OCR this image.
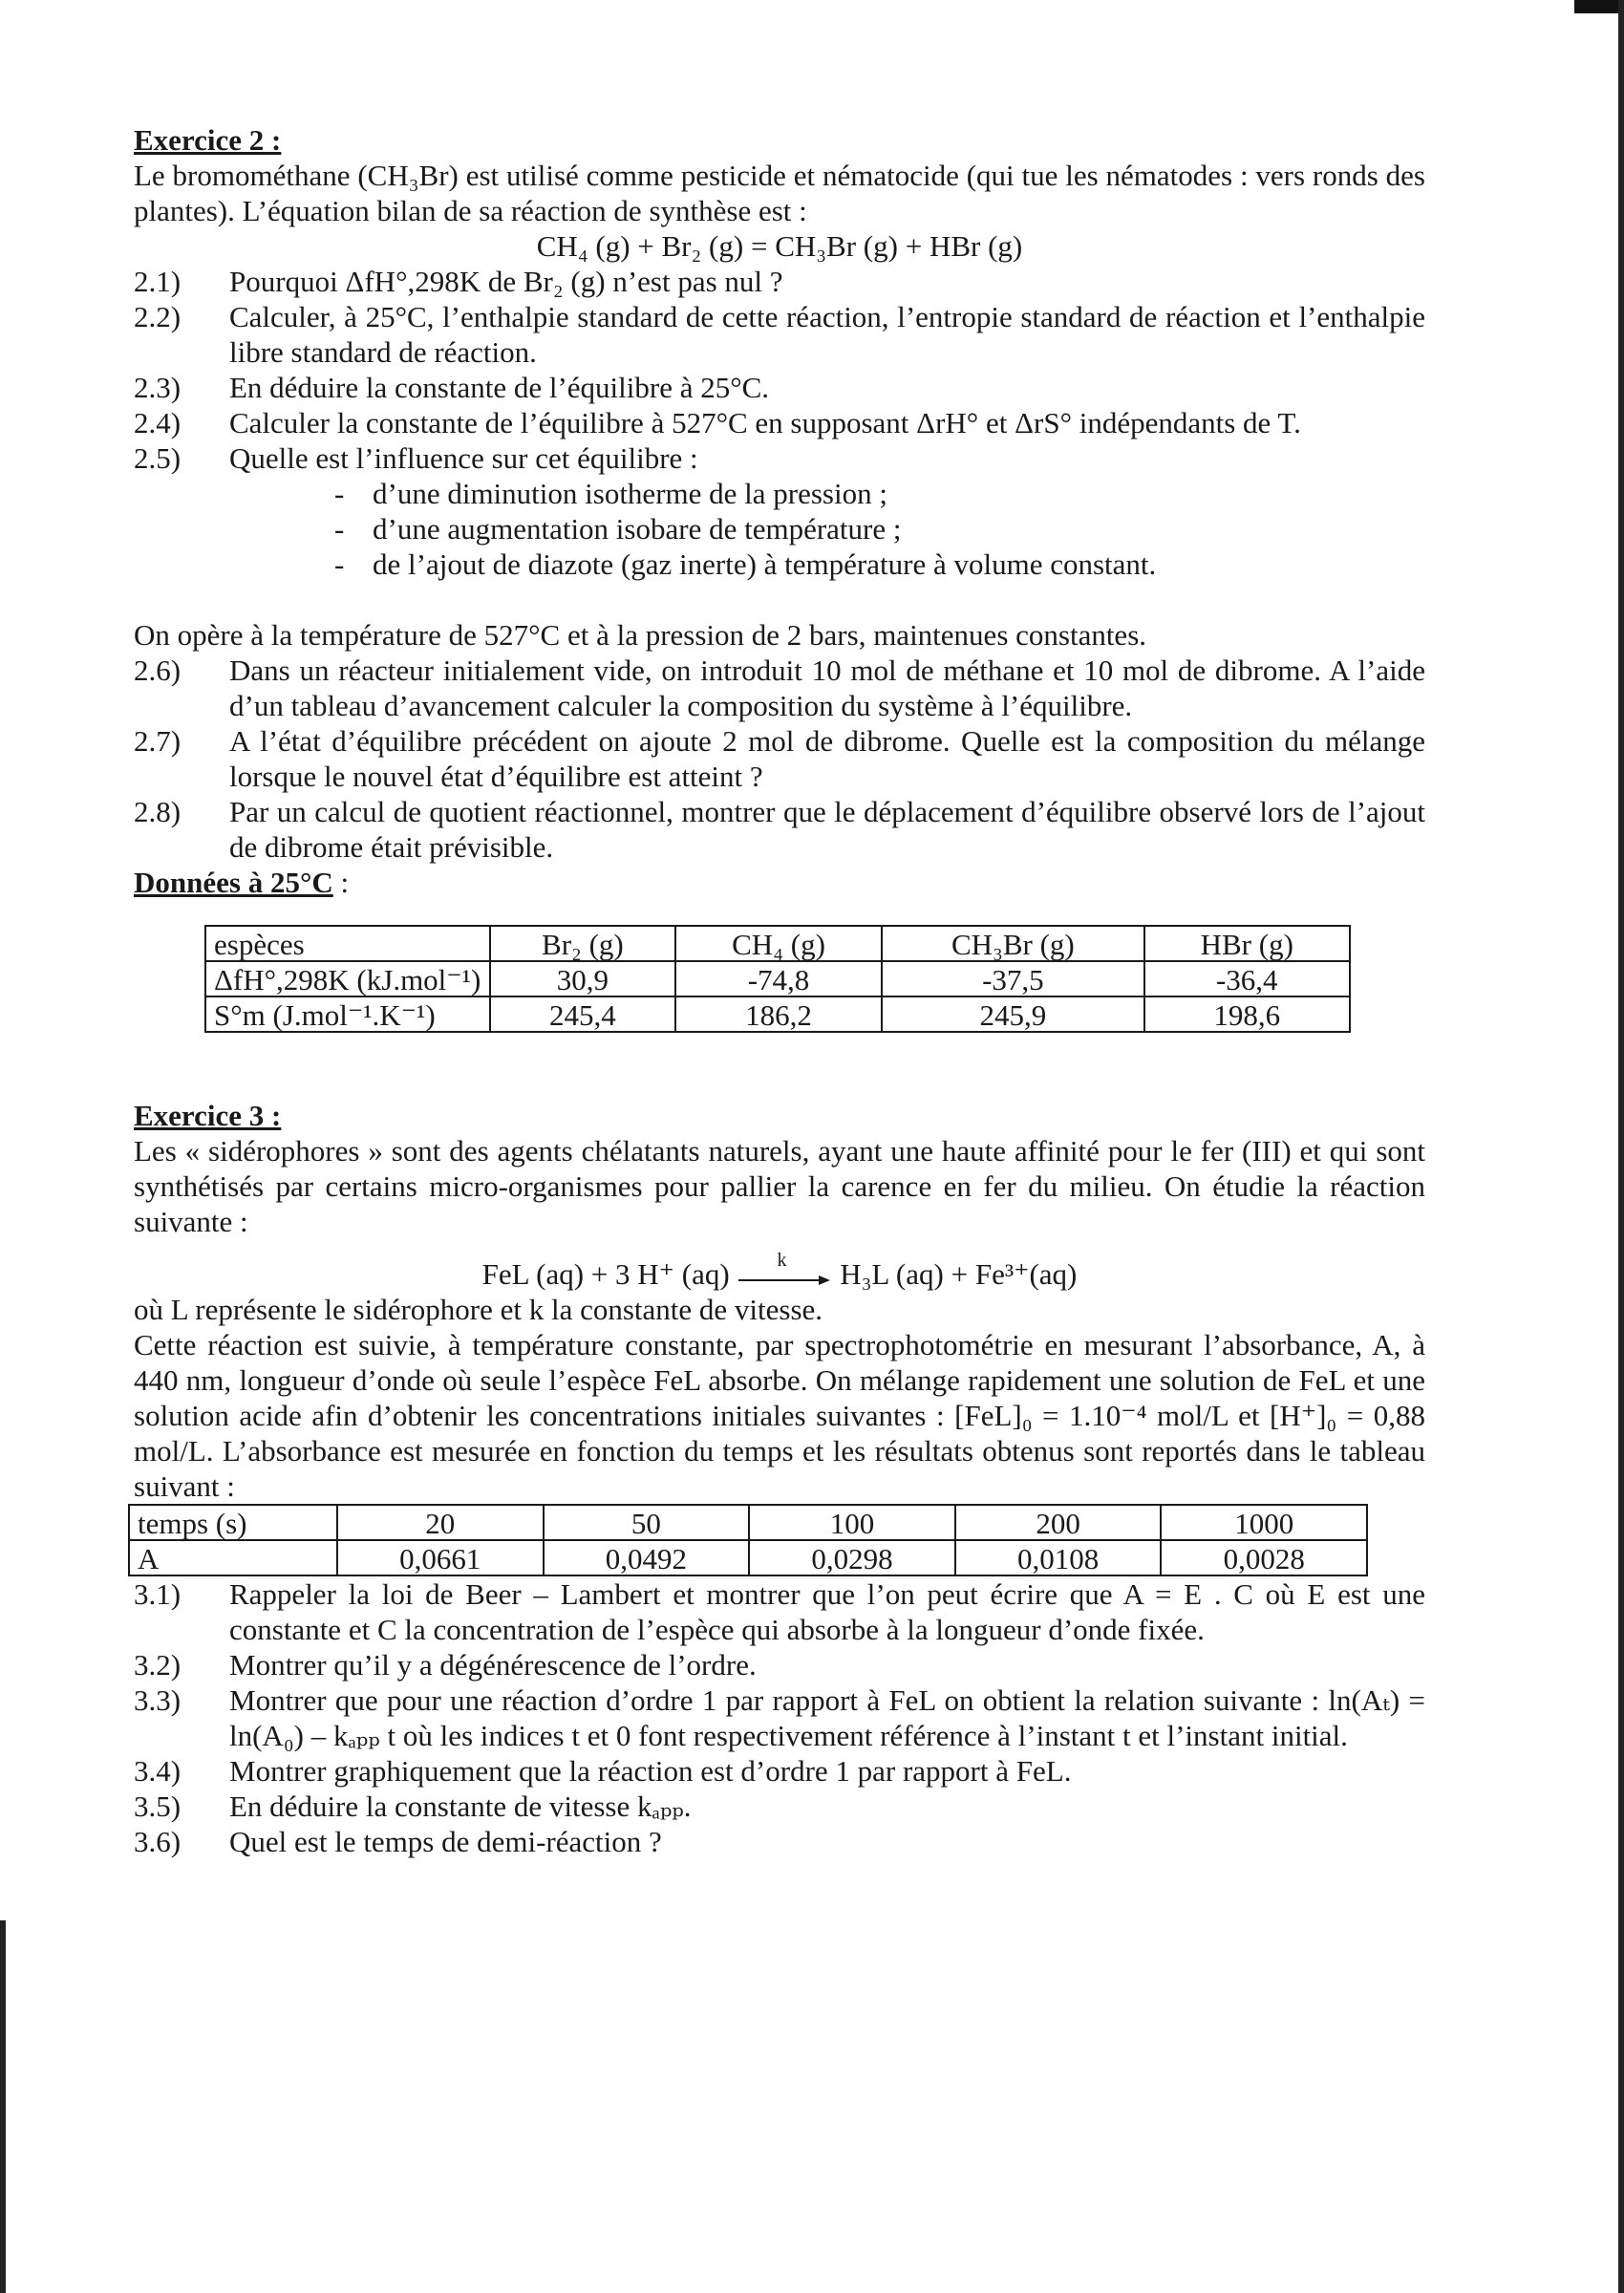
Exercice 2 :

Le bromométhane (CH₃Br) est utilisé comme pesticide et nématocide (qui tue les nématodes : vers ronds des plantes). L’équation bilan de sa réaction de synthèse est :

CH₄ (g) + Br₂ (g) = CH₃Br (g) + HBr (g)

2.1)	Pourquoi ΔfH°,298K de Br₂ (g) n’est pas nul ?
2.2)	Calculer, à 25°C, l’enthalpie standard de cette réaction, l’entropie standard de réaction et l’enthalpie libre standard de réaction.
2.3)	En déduire la constante de l’équilibre à 25°C.
2.4)	Calculer la constante de l’équilibre à 527°C en supposant ΔrH° et ΔrS° indépendants de T.
2.5)	Quelle est l’influence sur cet équilibre :
- d’une diminution isotherme de la pression ;
- d’une augmentation isobare de température ;
- de l’ajout de diazote (gaz inerte) à température à volume constant.

On opère à la température de 527°C et à la pression de 2 bars, maintenues constantes.

2.6)	Dans un réacteur initialement vide, on introduit 10 mol de méthane et 10 mol de dibrome. A l’aide d’un tableau d’avancement calculer la composition du système à l’équilibre.
2.7)	A l’état d’équilibre précédent on ajoute 2 mol de dibrome. Quelle est la composition du mélange lorsque le nouvel état d’équilibre est atteint ?
2.8)	Par un calcul de quotient réactionnel, montrer que le déplacement d’équilibre observé lors de l’ajout de dibrome était prévisible.
Données à 25°C :
espèces	Br₂ (g)	CH₄ (g)	CH₃Br (g)	HBr (g)
ΔfH°,298K (kJ.mol⁻¹)	30,9	-74,8	-37,5	-36,4
S°m (J.mol⁻¹.K⁻¹)	245,4	186,2	245,9	198,6
Exercice 3 :

Les « sidérophores » sont des agents chélatants naturels, ayant une haute affinité pour le fer (III) et qui sont synthétisés par certains micro-organismes pour pallier la carence en fer du milieu. On étudie la réaction suivante :

FeL (aq) + 3 H⁺ (aq) k H₃L (aq) + Fe³⁺(aq)

où L représente le sidérophore et k la constante de vitesse.

Cette réaction est suivie, à température constante, par spectrophotométrie en mesurant l’absorbance, A, à 440 nm, longueur d’onde où seule l’espèce FeL absorbe. On mélange rapidement une solution de FeL et une solution acide afin d’obtenir les concentrations initiales suivantes : [FeL]₀ = 1.10⁻⁴ mol/L et [H⁺]₀ = 0,88 mol/L. L’absorbance est mesurée en fonction du temps et les résultats obtenus sont reportés dans le tableau suivant :

temps (s)	20	50	100	200	1000
A	0,0661	0,0492	0,0298	0,0108	0,0028
3.1)	Rappeler la loi de Beer – Lambert et montrer que l’on peut écrire que A = E . C où E est une constante et C la concentration de l’espèce qui absorbe à la longueur d’onde fixée.
3.2)	Montrer qu’il y a dégénérescence de l’ordre.
3.3)	Montrer que pour une réaction d’ordre 1 par rapport à FeL on obtient la relation suivante : ln(Aₜ) = ln(A₀) – kₐₚₚ t où les indices t et 0 font respectivement référence à l’instant t et l’instant initial.
3.4)	Montrer graphiquement que la réaction est d’ordre 1 par rapport à FeL.
3.5)	En déduire la constante de vitesse kₐₚₚ.
3.6)	Quel est le temps de demi-réaction ?
